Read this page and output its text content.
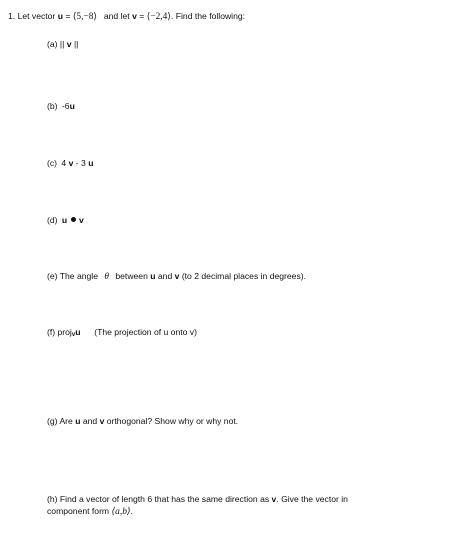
1. Let vector u = ⟨5,−8⟩ and let v = ⟨−2,4⟩. Find the following:
(a) || v ||
(b) -6u
(c) 4 v - 3 u
(d) u v
(e) The angle θ between u and v (to 2 decimal places in degrees).
(f) proj$_v$u (The projection of u onto v)
(g) Are u and v orthogonal? Show why or why not.
(h) Find a vector of length 6 that has the same direction as v. Give the vector in
component form ⟨a,b⟩.
